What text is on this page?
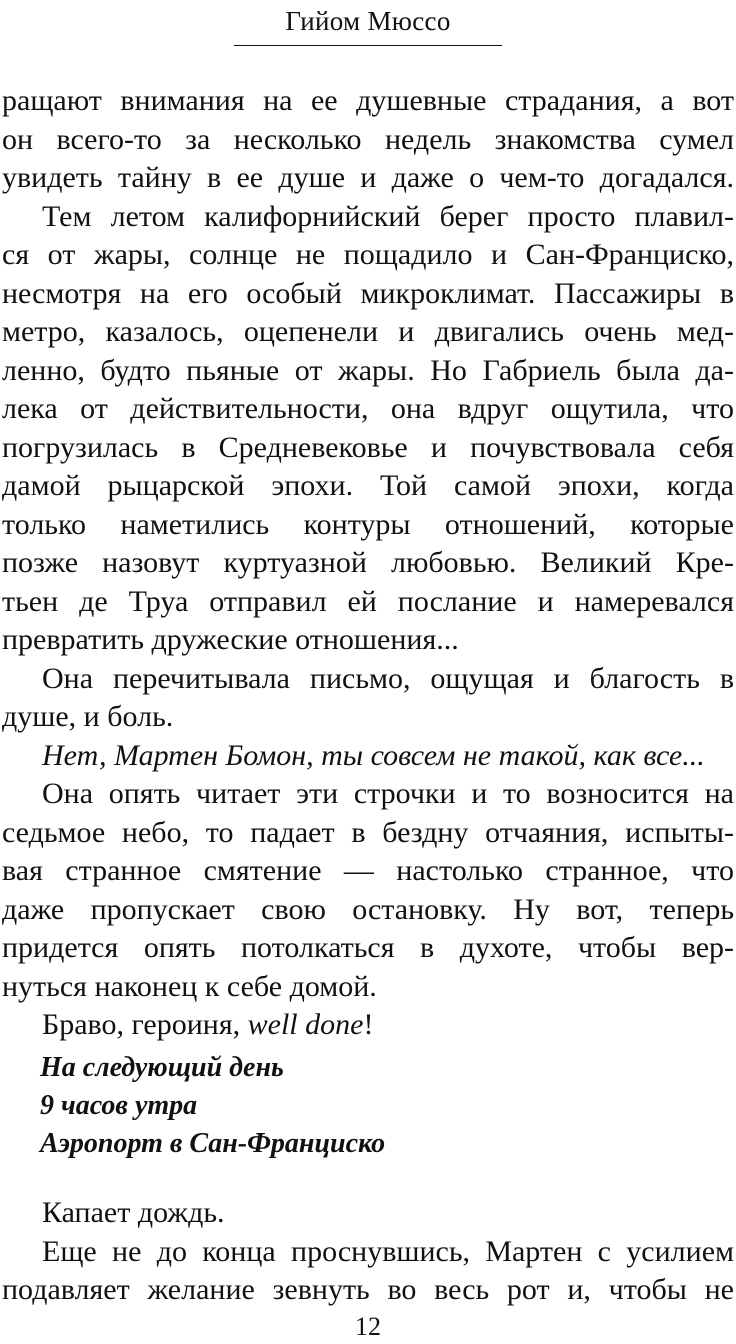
Гийом Мюссо
ращают внимания на ее душевные страдания, а вот
он всего-то за несколько недель знакомства сумел
увидеть тайну в ее душе и даже о чем-то догадался.
Тем летом калифорнийский берег просто плавил-
ся от жары, солнце не пощадило и Сан-Франциско,
несмотря на его особый микроклимат. Пассажиры в
метро, казалось, оцепенели и двигались очень мед-
ленно, будто пьяные от жары. Но Габриель была да-
лека от действительности, она вдруг ощутила, что
погрузилась в Средневековье и почувствовала себя
дамой рыцарской эпохи. Той самой эпохи, когда
только наметились контуры отношений, которые
позже назовут куртуазной любовью. Великий Кре-
тьен де Труа отправил ей послание и намеревался
превратить дружеские отношения...
Она перечитывала письмо, ощущая и благость в
душе, и боль.
Нет, Мартен Бомон, ты совсем не такой, как все...
Она опять читает эти строчки и то возносится на
седьмое небо, то падает в бездну отчаяния, испыты-
вая странное смятение — настолько странное, что
даже пропускает свою остановку. Ну вот, теперь
придется опять потолкаться в духоте, чтобы вер-
нуться наконец к себе домой.
Браво, героиня, well done!
На следующий день
9 часов утра
Аэропорт в Сан-Франциско
Капает дождь.
Еще не до конца проснувшись, Мартен с усилием
подавляет желание зевнуть во весь рот и, чтобы не
12
